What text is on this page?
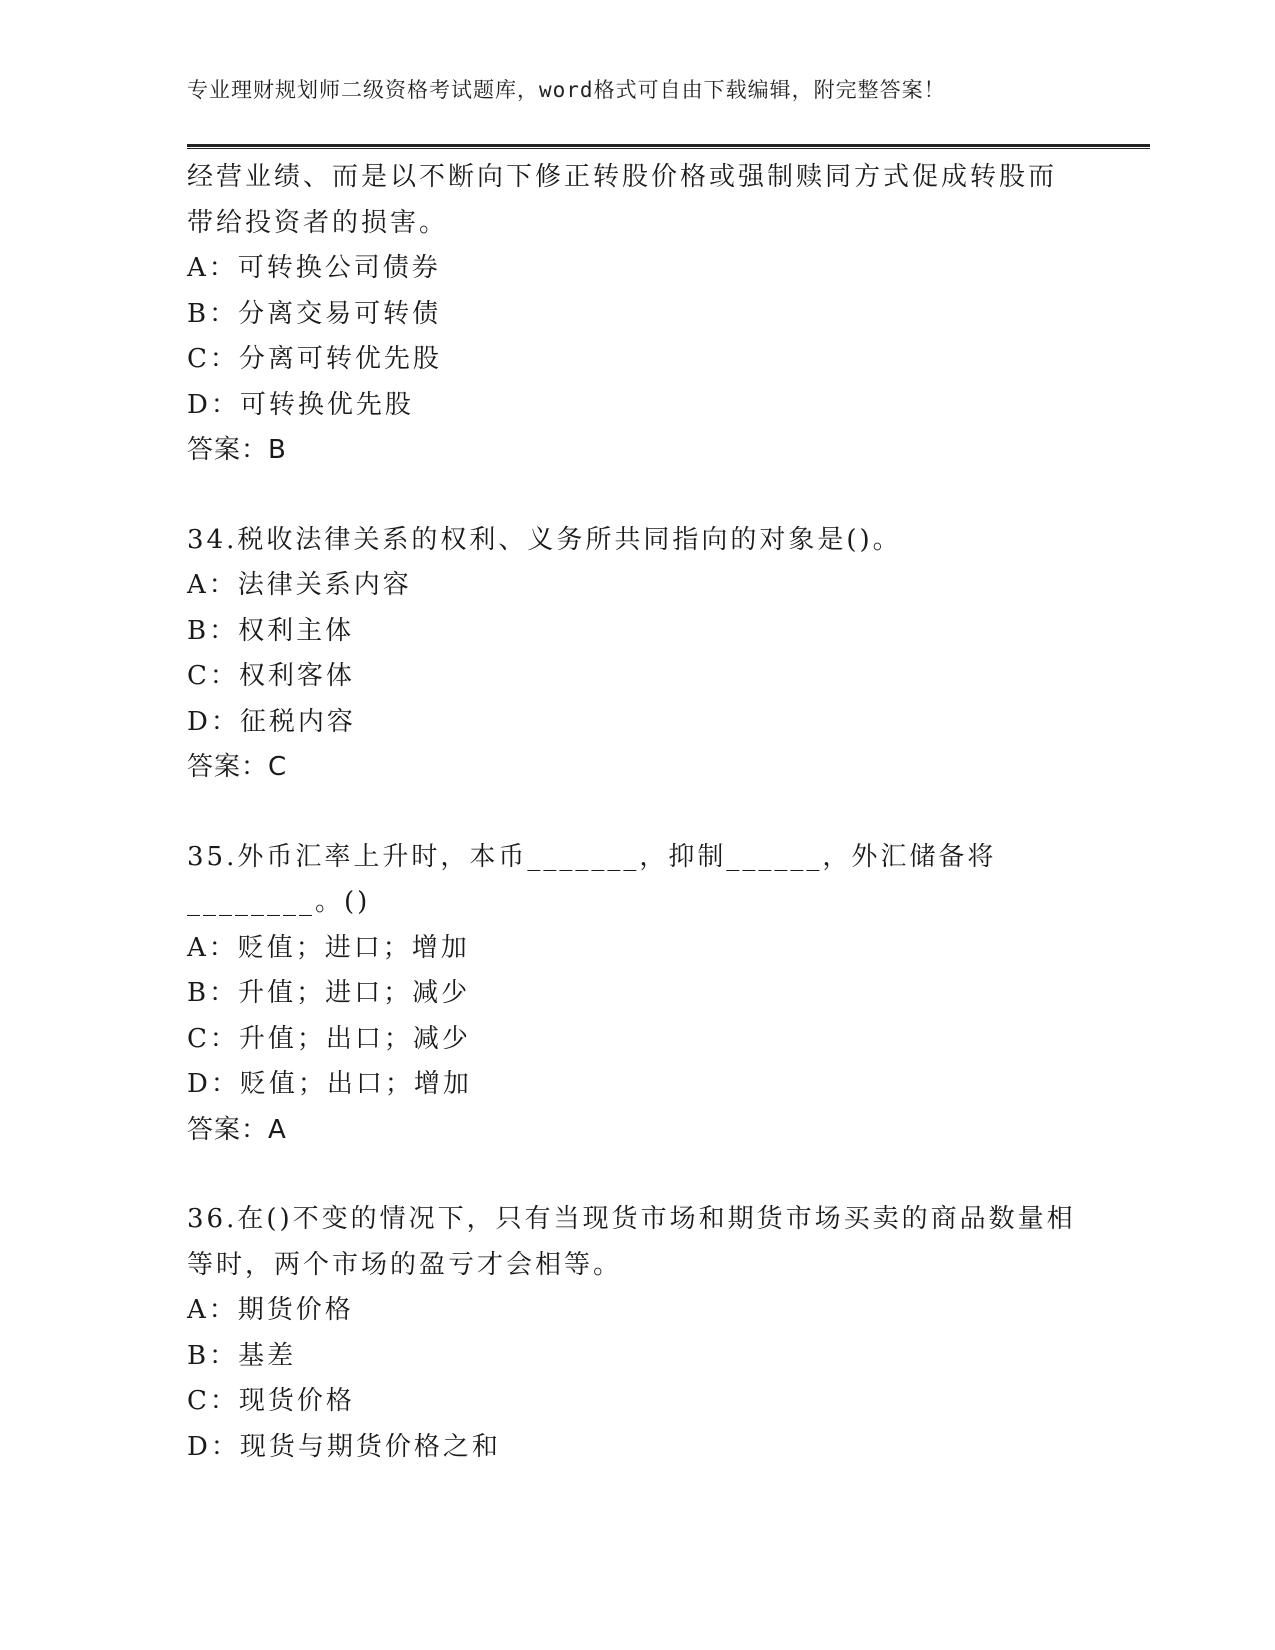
专业理财规划师二级资格考试题库，word格式可自由下载编辑，附完整答案！
经营业绩、而是以不断向下修正转股价格或强制赎同方式促成转股而
带给投资者的损害。
A：可转换公司债券
B：分离交易可转债
C：分离可转优先股
D：可转换优先股
答案：B
34.税收法律关系的权利、义务所共同指向的对象是()。
A：法律关系内容
B：权利主体
C：权利客体
D：征税内容
答案：C
35.外币汇率上升时，本币_______，抑制______，外汇储备将
________。()
A：贬值；进口；增加
B：升值；进口；减少
C：升值；出口；减少
D：贬值；出口；增加
答案：A
36.在()不变的情况下，只有当现货市场和期货市场买卖的商品数量相
等时，两个市场的盈亏才会相等。
A：期货价格
B：基差
C：现货价格
D：现货与期货价格之和
